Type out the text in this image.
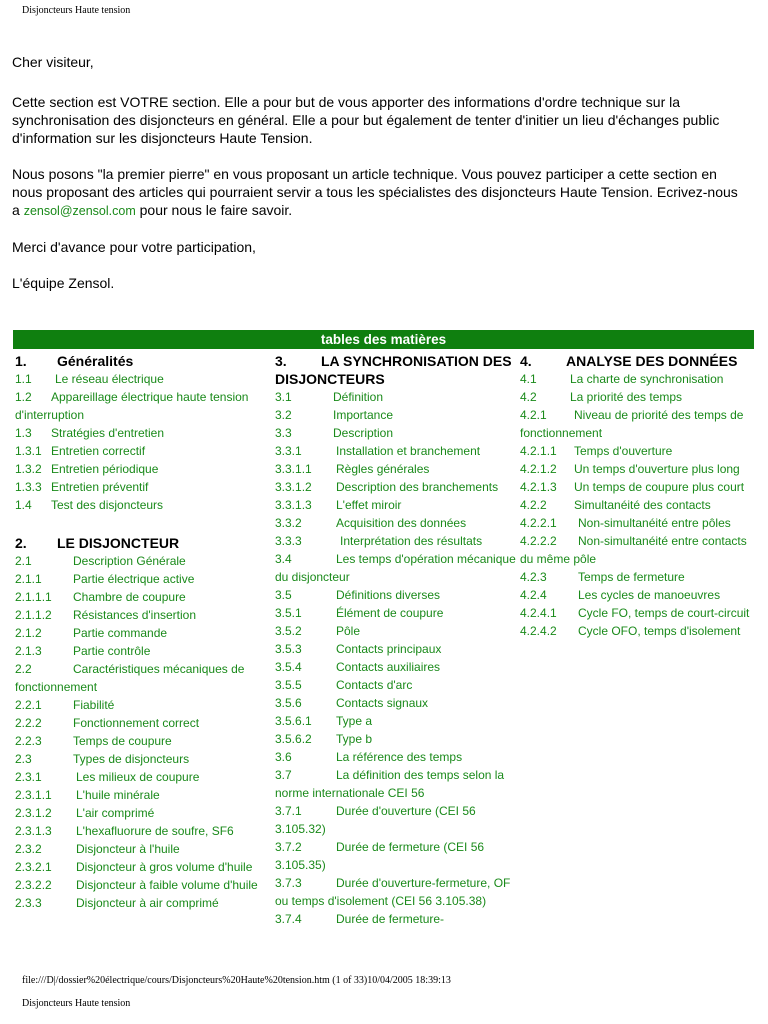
Disjoncteurs Haute tension

Cher visiteur,

Cette section est VOTRE section. Elle a pour but de vous apporter des informations d'ordre technique sur la synchronisation des disjoncteurs en général. Elle a pour but également de tenter d'initier un lieu d'échanges public d'information sur les disjoncteurs Haute Tension.

Nous posons "la premier pierre" en vous proposant un article technique. Vous pouvez participer a cette section en nous proposant des articles qui pourraient servir a tous les spécialistes des disjoncteurs Haute Tension. Ecrivez-nous a zensol@zensol.com pour nous le faire savoir.

Merci d'avance pour votre participation,

L'équipe Zensol.

tables des matières
1. Généralités
1.1 Le réseau électrique
1.2 Appareillage électrique haute tension d'interruption
1.3 Stratégies d'entretien
1.3.1 Entretien correctif
1.3.2 Entretien périodique
1.3.3 Entretien préventif
1.4 Test des disjoncteurs
2. LE DISJONCTEUR
2.1	Description Générale
2.1.1	Partie électrique active
2.1.1.1 Chambre de coupure
2.1.1.2 Résistances d'insertion
2.1.2	Partie commande
2.1.3	Partie contrôle
2.2	Caractéristiques mécaniques de fonctionnement
2.2.1	Fiabilité
2.2.2	Fonctionnement correct
2.2.3	Temps de coupure
2.3	Types de disjoncteurs
2.3.1	Les milieux de coupure
2.3.1.1 L'huile minérale
2.3.1.2 L'air comprimé
2.3.1.3 L'hexafluorure de soufre, SF6
2.3.2	Disjoncteur à l'huile
2.3.2.1 Disjoncteur à gros volume d'huile
2.3.2.2 Disjoncteur à faible volume d'huile
2.3.3	Disjoncteur à air comprimé
3. LA SYNCHRONISATION DES DISJONCTEURS
3.1	Définition
3.2	Importance
3.3	Description
3.3.1	Installation et branchement
3.3.1.1 Règles générales
3.3.1.2 Description des branchements
3.3.1.3 L'effet miroir
3.3.2	Acquisition des données
3.3.3	Interprétation des résultats
3.4	Les temps d'opération mécanique du disjoncteur
3.5	Définitions diverses
3.5.1	Élément de coupure
3.5.2	Pôle
3.5.3	Contacts principaux
3.5.4	Contacts auxiliaires
3.5.5	Contacts d'arc
3.5.6	Contacts signaux
3.5.6.1 Type a
3.5.6.2 Type b
3.6	La référence des temps
3.7	La définition des temps selon la norme internationale CEI 56
3.7.1	Durée d'ouverture (CEI 56 3.105.32)
3.7.2	Durée de fermeture (CEI 56 3.105.35)
3.7.3	Durée d'ouverture-fermeture, OF ou temps d'isolement (CEI 56 3.105.38)
3.7.4	Durée de fermeture-
4. ANALYSE DES DONNÉES
4.1	La charte de synchronisation
4.2	La priorité des temps
4.2.1 Niveau de priorité des temps de fonctionnement
4.2.1.1 Temps d'ouverture
4.2.1.2 Un temps d'ouverture plus long
4.2.1.3 Un temps de coupure plus court
4.2.2 Simultanéité des contacts
4.2.2.1 Non-simultanéité entre pôles
4.2.2.2 Non-simultanéité entre contacts du même pôle
4.2.3	Temps de fermeture
4.2.4	Les cycles de manoeuvres
4.2.4.1 Cycle FO, temps de court-circuit
4.2.4.2 Cycle OFO, temps d'isolement
file:///D|/dossier%20électrique/cours/Disjoncteurs%20Haute%20tension.htm (1 of 33)10/04/2005 18:39:13
Disjoncteurs Haute tension
